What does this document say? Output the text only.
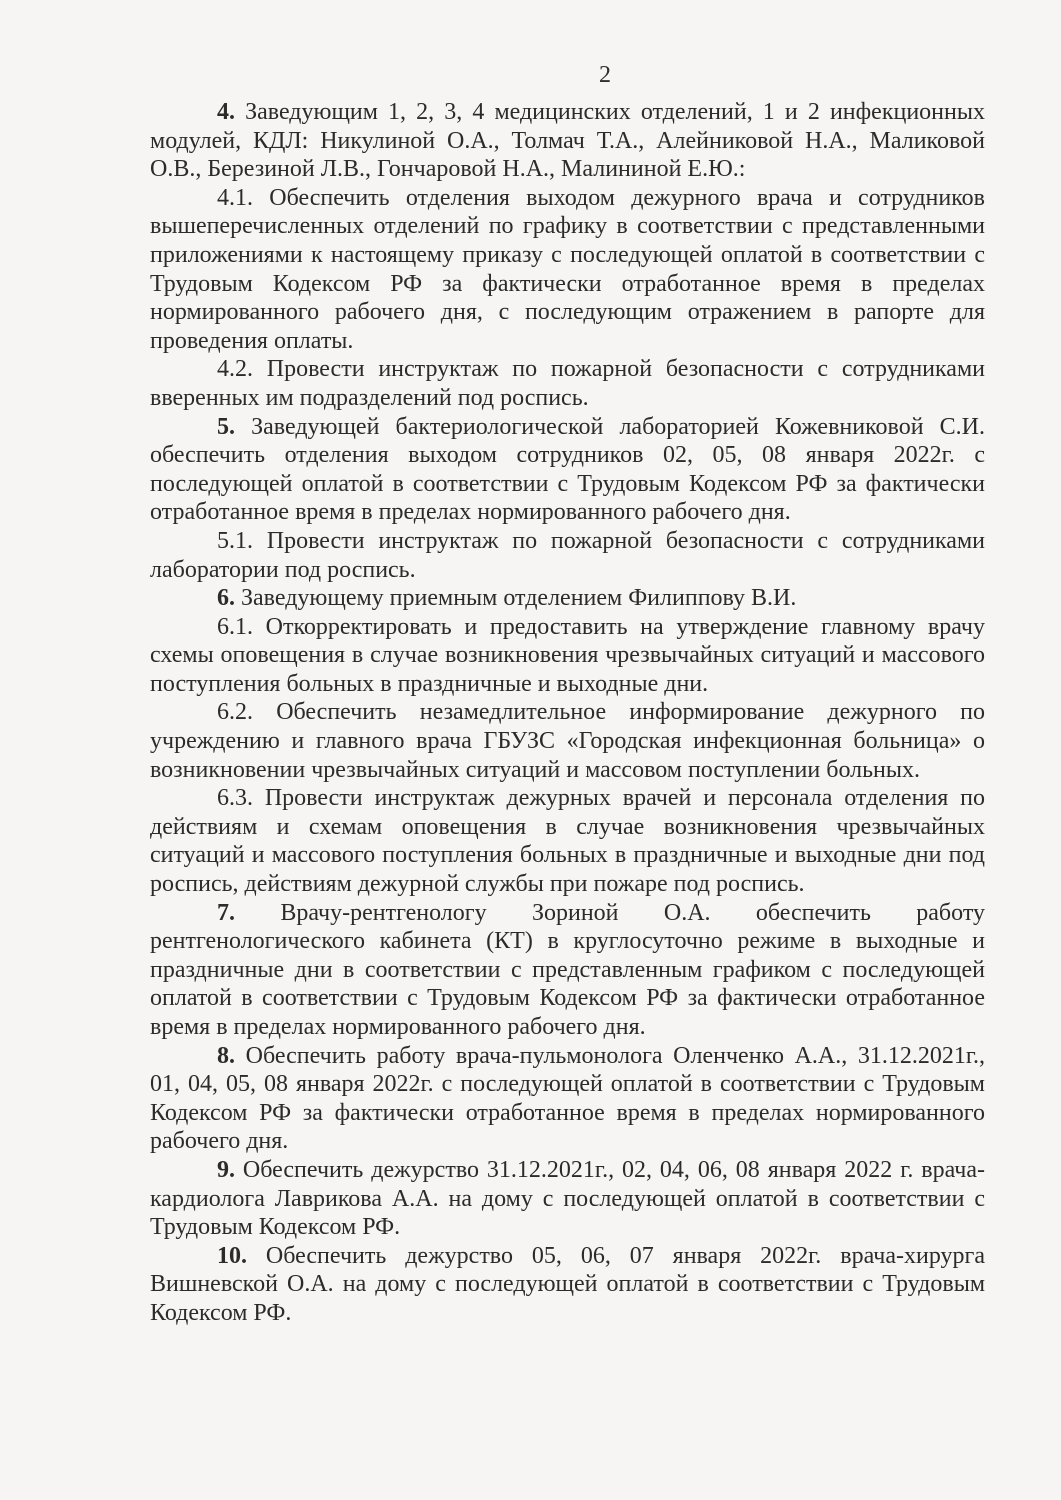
2

4. Заведующим 1, 2, 3, 4 медицинских отделений, 1 и 2 инфекционных модулей, КДЛ: Никулиной О.А., Толмач Т.А., Алейниковой Н.А., Маликовой О.В., Березиной Л.В., Гончаровой Н.А., Малининой Е.Ю.:

4.1. Обеспечить отделения выходом дежурного врача и сотрудников вышеперечисленных отделений по графику в соответствии с представленными приложениями к настоящему приказу с последующей оплатой в соответствии с Трудовым Кодексом РФ за фактически отработанное время в пределах нормированного рабочего дня, с последующим отражением в рапорте для проведения оплаты.

4.2. Провести инструктаж по пожарной безопасности с сотрудниками вверенных им подразделений под роспись.

5. Заведующей бактериологической лабораторией Кожевниковой С.И. обеспечить отделения выходом сотрудников 02, 05, 08 января 2022г. с последующей оплатой в соответствии с Трудовым Кодексом РФ за фактически отработанное время в пределах нормированного рабочего дня.

5.1. Провести инструктаж по пожарной безопасности с сотрудниками лаборатории под роспись.

6. Заведующему приемным отделением Филиппову В.И.

6.1. Откорректировать и предоставить на утверждение главному врачу схемы оповещения в случае возникновения чрезвычайных ситуаций и массового поступления больных в праздничные и выходные дни.

6.2. Обеспечить незамедлительное информирование дежурного по учреждению и главного врача ГБУЗС «Городская инфекционная больница» о возникновении чрезвычайных ситуаций и массовом поступлении больных.

6.3. Провести инструктаж дежурных врачей и персонала отделения по действиям и схемам оповещения в случае возникновения чрезвычайных ситуаций и массового поступления больных в праздничные и выходные дни под роспись, действиям дежурной службы при пожаре под роспись.

7. Врачу-рентгенологу Зориной О.А. обеспечить работу рентгенологического кабинета (КТ) в круглосуточно режиме в выходные и праздничные дни в соответствии с представленным графиком с последующей оплатой в соответствии с Трудовым Кодексом РФ за фактически отработанное время в пределах нормированного рабочего дня.

8. Обеспечить работу врача-пульмонолога Оленченко А.А., 31.12.2021г., 01, 04, 05, 08 января 2022г. с последующей оплатой в соответствии с Трудовым Кодексом РФ за фактически отработанное время в пределах нормированного рабочего дня.

9. Обеспечить дежурство 31.12.2021г., 02, 04, 06, 08 января 2022 г. врача-кардиолога Лаврикова А.А. на дому с последующей оплатой в соответствии с Трудовым Кодексом РФ.

10. Обеспечить дежурство 05, 06, 07 января 2022г. врача-хирурга Вишневской О.А. на дому с последующей оплатой в соответствии с Трудовым Кодексом РФ.
